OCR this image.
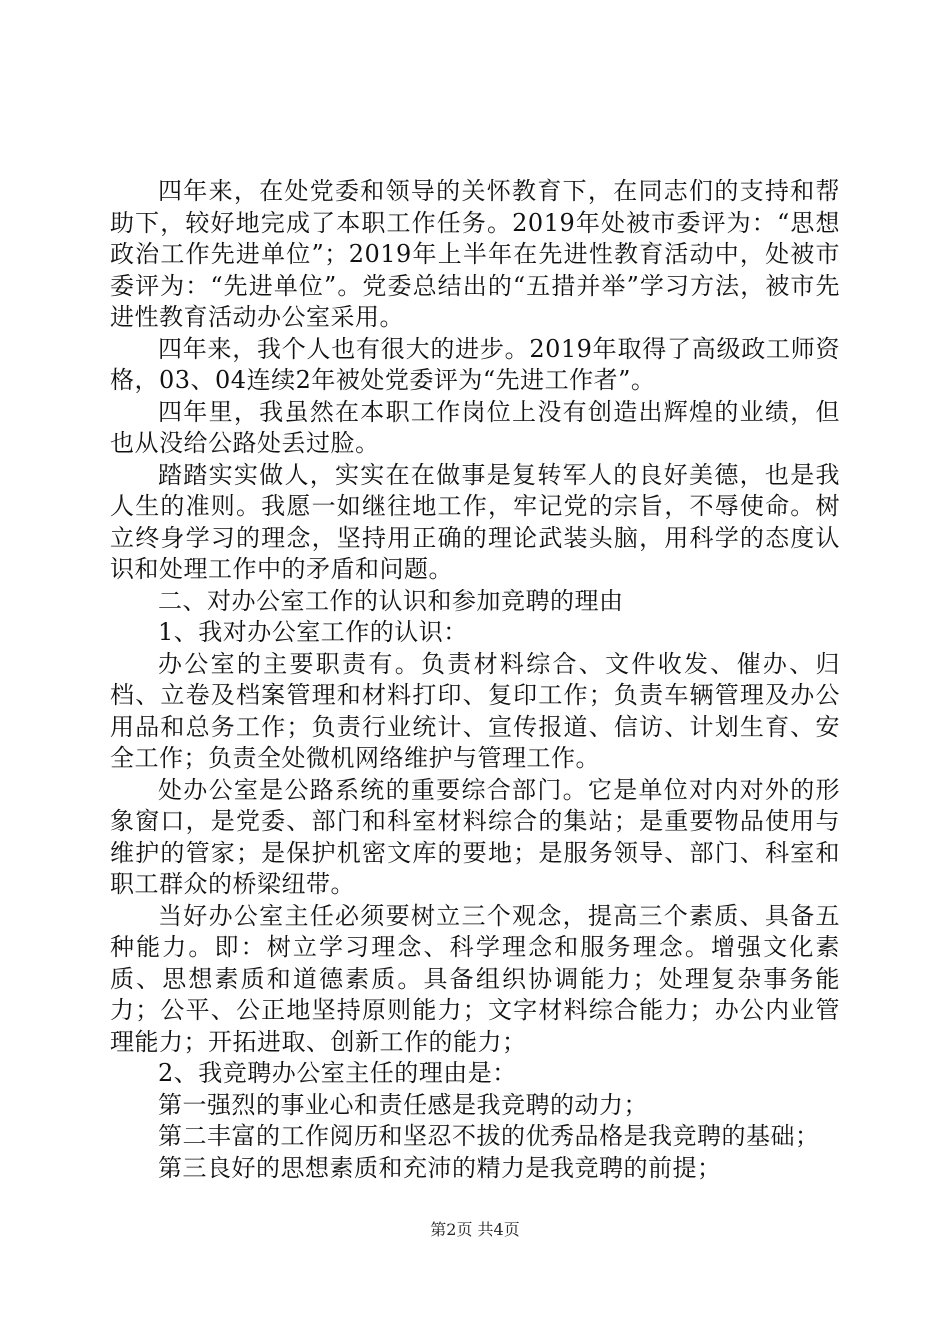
四年来，在处党委和领导的关怀教育下，在同志们的支持和帮助下，较好地完成了本职工作任务。2019年处被市委评为：“思想政治工作先进单位”；2019年上半年在先进性教育活动中，处被市委评为：“先进单位”。党委总结出的“五措并举”学习方法，被市先进性教育活动办公室采用。

四年来，我个人也有很大的进步。2019年取得了高级政工师资格，03、04连续2年被处党委评为“先进工作者”。

四年里，我虽然在本职工作岗位上没有创造出辉煌的业绩，但也从没给公路处丢过脸。

踏踏实实做人，实实在在做事是复转军人的良好美德，也是我人生的准则。我愿一如继往地工作，牢记党的宗旨，不辱使命。树立终身学习的理念，坚持用正确的理论武装头脑，用科学的态度认识和处理工作中的矛盾和问题。

二、对办公室工作的认识和参加竞聘的理由

1、我对办公室工作的认识：

办公室的主要职责有。负责材料综合、文件收发、催办、归档、立卷及档案管理和材料打印、复印工作；负责车辆管理及办公用品和总务工作；负责行业统计、宣传报道、信访、计划生育、安全工作；负责全处微机网络维护与管理工作。

处办公室是公路系统的重要综合部门。它是单位对内对外的形象窗口，是党委、部门和科室材料综合的集站；是重要物品使用与维护的管家；是保护机密文库的要地；是服务领导、部门、科室和职工群众的桥梁纽带。

当好办公室主任必须要树立三个观念，提高三个素质、具备五种能力。即：树立学习理念、科学理念和服务理念。增强文化素质、思想素质和道德素质。具备组织协调能力；处理复杂事务能力；公平、公正地坚持原则能力；文字材料综合能力；办公内业管理能力；开拓进取、创新工作的能力；

2、我竞聘办公室主任的理由是：

第一强烈的事业心和责任感是我竞聘的动力；

第二丰富的工作阅历和坚忍不拔的优秀品格是我竞聘的基础；

第三良好的思想素质和充沛的精力是我竞聘的前提；

第2页 共4页
